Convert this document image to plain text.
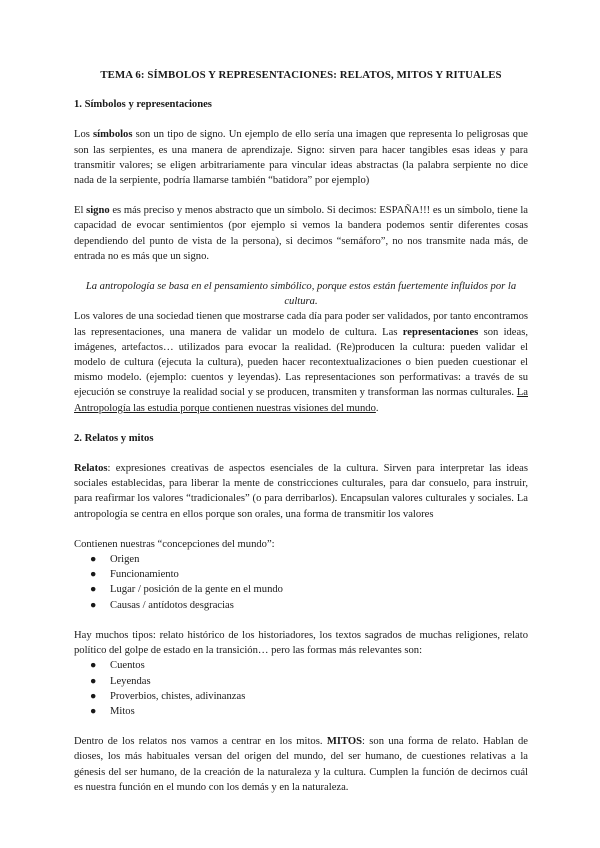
TEMA 6: SÍMBOLOS Y REPRESENTACIONES: RELATOS, MITOS Y RITUALES
1. Símbolos y representaciones

Los símbolos son un tipo de signo. Un ejemplo de ello sería una imagen que representa lo peligrosas que son las serpientes, es una manera de aprendizaje. Signo: sirven para hacer tangibles esas ideas y para transmitir valores; se eligen arbitrariamente para vincular ideas abstractas (la palabra serpiente no dice nada de la serpiente, podría llamarse también “batidora” por ejemplo)

El signo es más preciso y menos abstracto que un símbolo. Si decimos: ESPAÑA!!! es un símbolo, tiene la capacidad de evocar sentimientos (por ejemplo si vemos la bandera podemos sentir diferentes cosas dependiendo del punto de vista de la persona), si decimos “semáforo”, no nos transmite nada más, de entrada no es más que un signo.

La antropología se basa en el pensamiento simbólico, porque estos están fuertemente influidos por la cultura.

Los valores de una sociedad tienen que mostrarse cada día para poder ser validados, por tanto encontramos las representaciones, una manera de validar un modelo de cultura. Las representaciones son ideas, imágenes, artefactos… utilizados para evocar la realidad. (Re)producen la cultura: pueden validar el modelo de cultura (ejecuta la cultura), pueden hacer recontextualizaciones o bien pueden cuestionar el mismo modelo. (ejemplo: cuentos y leyendas). Las representaciones son performativas: a través de su ejecución se construye la realidad social y se producen, transmiten y transforman las normas culturales. La Antropología las estudia porque contienen nuestras visiones del mundo.

2. Relatos y mitos

Relatos: expresiones creativas de aspectos esenciales de la cultura. Sirven para interpretar las ideas sociales establecidas, para liberar la mente de constricciones culturales, para dar consuelo, para instruir, para reafirmar los valores “tradicionales” (o para derribarlos). Encapsulan valores culturales y sociales. La antropología se centra en ellos porque son orales, una forma de transmitir los valores

Contienen nuestras “concepciones del mundo”:

● Origen
● Funcionamiento
● Lugar / posición de la gente en el mundo
● Causas / antídotos desgracias

Hay muchos tipos: relato histórico de los historiadores, los textos sagrados de muchas religiones, relato político del golpe de estado en la transición… pero las formas más relevantes son:

● Cuentos
● Leyendas
● Proverbios, chistes, adivinanzas
● Mitos

Dentro de los relatos nos vamos a centrar en los mitos. MITOS: son una forma de relato. Hablan de dioses, los más habituales versan del origen del mundo, del ser humano, de cuestiones relativas a la génesis del ser humano, de la creación de la naturaleza y la cultura. Cumplen la función de decirnos cuál es nuestra función en el mundo con los demás y en la naturaleza.
